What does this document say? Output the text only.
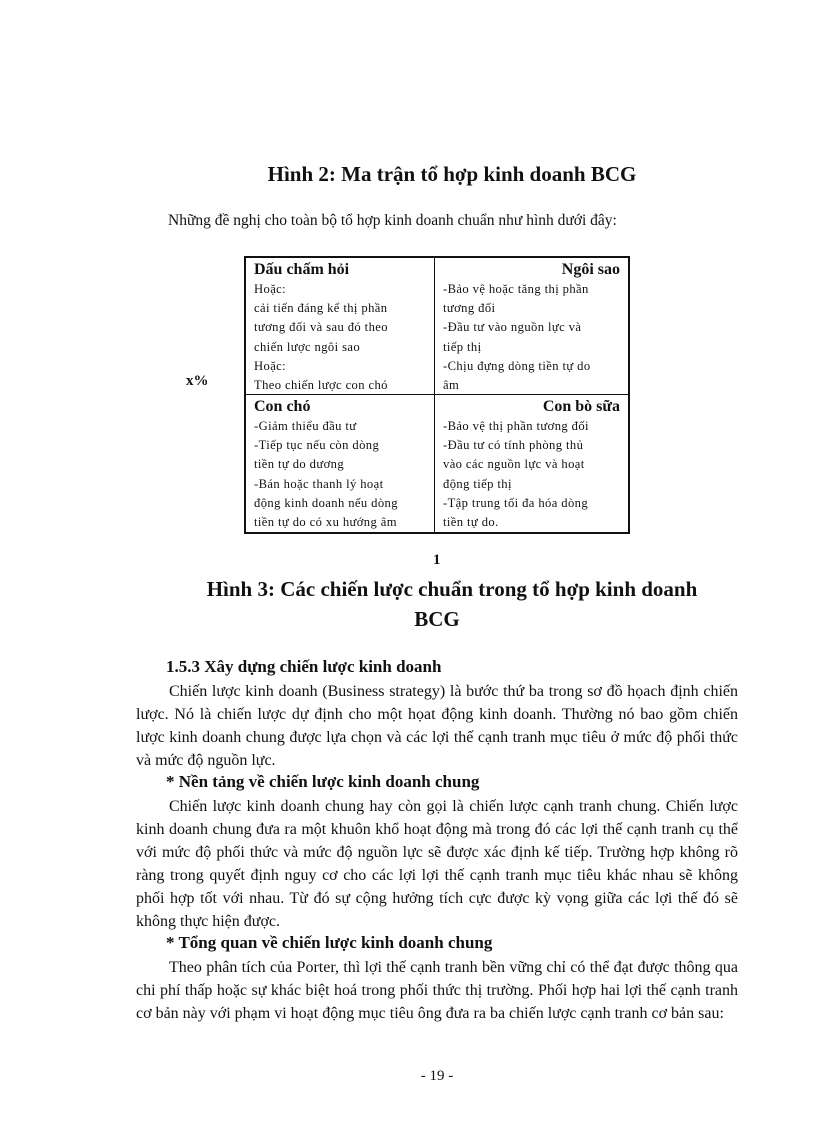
Hình 2: Ma trận tổ hợp kinh doanh BCG
Những đề nghị cho toàn bộ tổ hợp kinh doanh chuẩn như hình dưới đây:
x%
Dấu chấm hỏi
Hoặc:
cải tiến đáng kể thị phần
tương đối và sau đó theo
chiến lược ngôi sao
Hoặc:
Theo chiến lược con chó
Ngôi sao
-Bảo vệ hoặc tăng thị phần
tương đối
-Đầu tư vào nguồn lực và
tiếp thị
-Chịu đựng dòng tiền tự do
âm
Con chó
-Giảm thiểu đầu tư
-Tiếp tục nếu còn dòng
tiền tự do dương
-Bán hoặc thanh lý hoạt
động kinh doanh nếu dòng
tiền tự do có xu hướng âm
Con bò sữa
-Bảo vệ thị phần tương đối
-Đầu tư có tính phòng thủ
vào các nguồn lực và hoạt
động tiếp thị
-Tập trung tối đa hóa dòng
tiền tự do.
1
Hình 3: Các chiến lược chuẩn trong tổ hợp kinh doanh
BCG
1.5.3 Xây dựng chiến lược kinh doanh

Chiến lược kinh doanh (Business strategy) là bước thứ ba trong sơ đồ họach định chiến lược. Nó là chiến lược dự định cho một họat động kinh doanh. Thường nó bao gồm chiến lược kinh doanh chung được lựa chọn và các lợi thế cạnh tranh mục tiêu ở mức độ phối thức và mức độ nguồn lực.

* Nền tảng về chiến lược kinh doanh chung

Chiến lược kinh doanh chung hay còn gọi là chiến lược cạnh tranh chung. Chiến lược kinh doanh chung đưa ra một khuôn khổ hoạt động mà trong đó các lợi thế cạnh tranh cụ thể với mức độ phối thức và mức độ nguồn lực sẽ được xác định kế tiếp. Trường hợp không rõ ràng trong quyết định nguy cơ cho các lợi lợi thế cạnh tranh mục tiêu khác nhau sẽ không phối hợp tốt với nhau. Từ đó sự cộng hưởng tích cực được kỳ vọng giữa các lợi thế đó sẽ không thực hiện được.

* Tổng quan về chiến lược kinh doanh chung

Theo phân tích của Porter, thì lợi thế cạnh tranh bền vững chỉ có thể đạt được thông qua chi phí thấp hoặc sự khác biệt hoá trong phối thức thị trường. Phối hợp hai lợi thế cạnh tranh cơ bản này với phạm vi hoạt động mục tiêu ông đưa ra ba chiến lược cạnh tranh cơ bản sau:

- 19 -
